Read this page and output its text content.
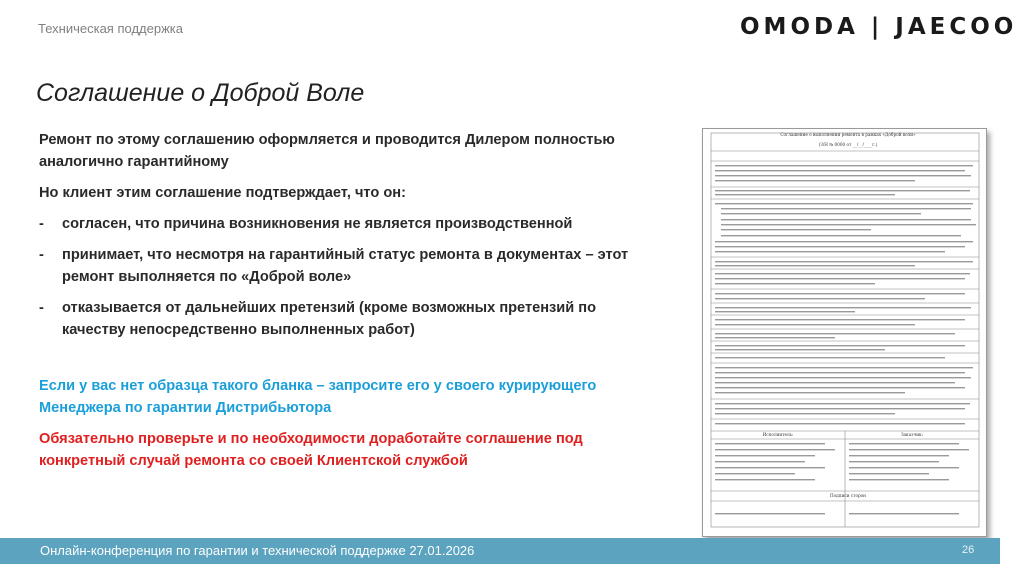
Техническая поддержка	OMODA | JAECOO
Соглашение о Доброй Воле

Ремонт по этому соглашению оформляется и проводится Дилером полностью аналогично гарантийному

Но клиент этим соглашение подтверждает, что он:

- согласен, что причина возникновения не является производственной
- принимает, что несмотря на гарантийный статус ремонта в документах – этот ремонт выполняется по «Доброй воле»
- отказывается от дальнейших претензий (кроме возможных претензий по качеству непосредственно выполненных работ)

Если у вас нет образца такого бланка – запросите его у своего курирующего Менеджера по гарантии Дистрибьютора

Обязательно проверьте и по необходимости доработайте соглашение под конкретный случай ремонта со своей Клиентской службой

Соглашение о выполнении ремонта в рамках «Доброй воли»
(З/Н № 0000 от __/__/____г.)
Исполнитель:	Заказчик:
Подписи сторон
Онлайн-конференция по гарантии и технической поддержке 27.01.2026	26
